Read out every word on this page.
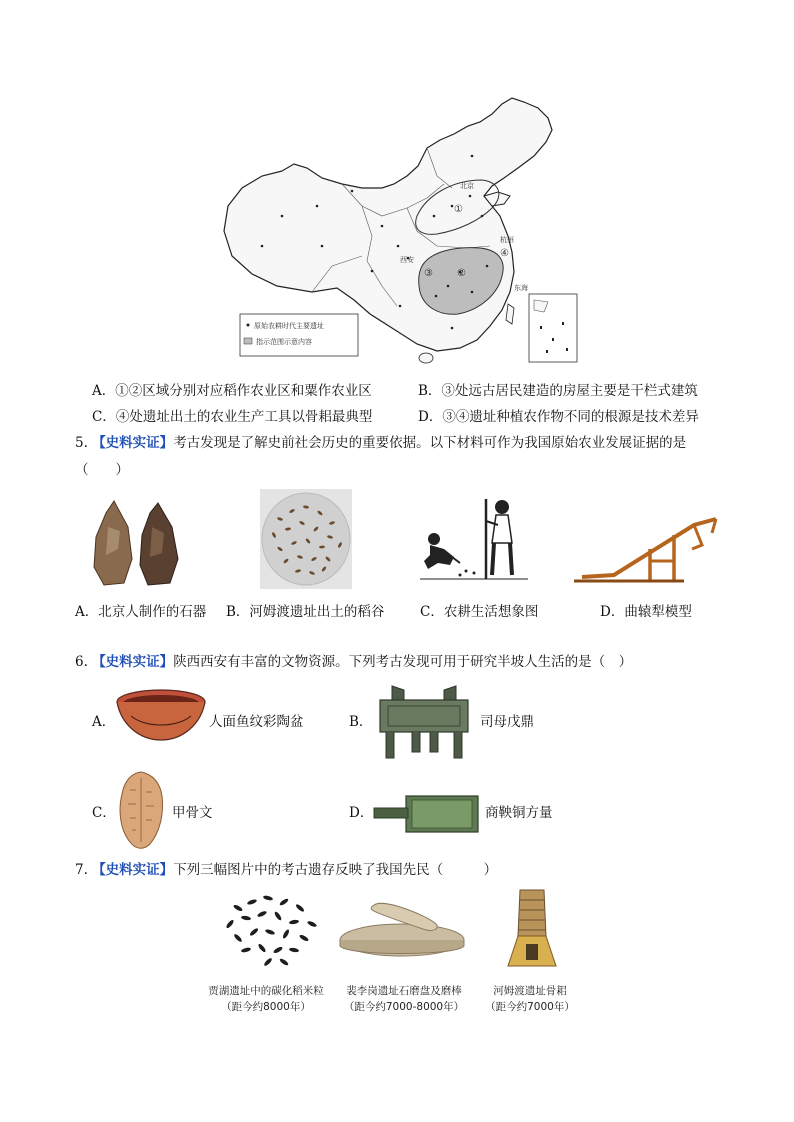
①
②
③
④
西安
杭州
北京
东海
原始农耕时代主要遗址
指示范围示意内容
A．①②区域分别对应稻作农业区和粟作农业区	B．③处远古居民建造的房屋主要是干栏式建筑
C．④处遗址出土的农业生产工具以骨耜最典型	D．③④遗址种植农作物不同的根源是技术差异
5. 【史料实证】考古发现是了解史前社会历史的重要依据。以下材料可作为我国原始农业发展证据的是
（　　）
A．北京人制作的石器 B．河姆渡遗址出土的稻谷	C．农耕生活想象图	D．曲辕犁模型
6. 【史料实证】陕西西安有丰富的文物资源。下列考古发现可用于研究半坡人生活的是（　）
A．	人面鱼纹彩陶盆	B．	司母戊鼎
C．	甲骨文	D．	商鞅铜方量
7. 【史料实证】下列三幅图片中的考古遗存反映了我国先民（　　　）
贾湖遗址中的碳化稻米粒
（距今约8000年）
裴李岗遗址石磨盘及磨棒
（距今约7000-8000年）
河姆渡遗址骨耜
（距今约7000年）
